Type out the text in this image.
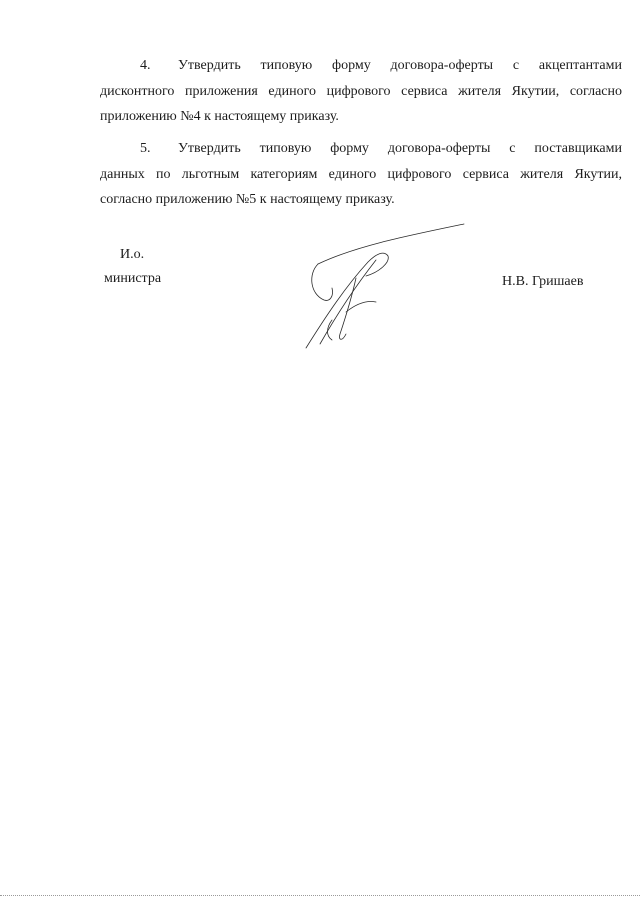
4. Утвердить типовую форму договора-оферты с акцептантами
дисконтного приложения единого цифрового сервиса жителя Якутии, согласно
приложению №4 к настоящему приказу.
5. Утвердить типовую форму договора-оферты с поставщиками
данных по льготным категориям единого цифрового сервиса жителя Якутии,
согласно приложению №5 к настоящему приказу.
И.о.
министра	Н.В. Гришаев
